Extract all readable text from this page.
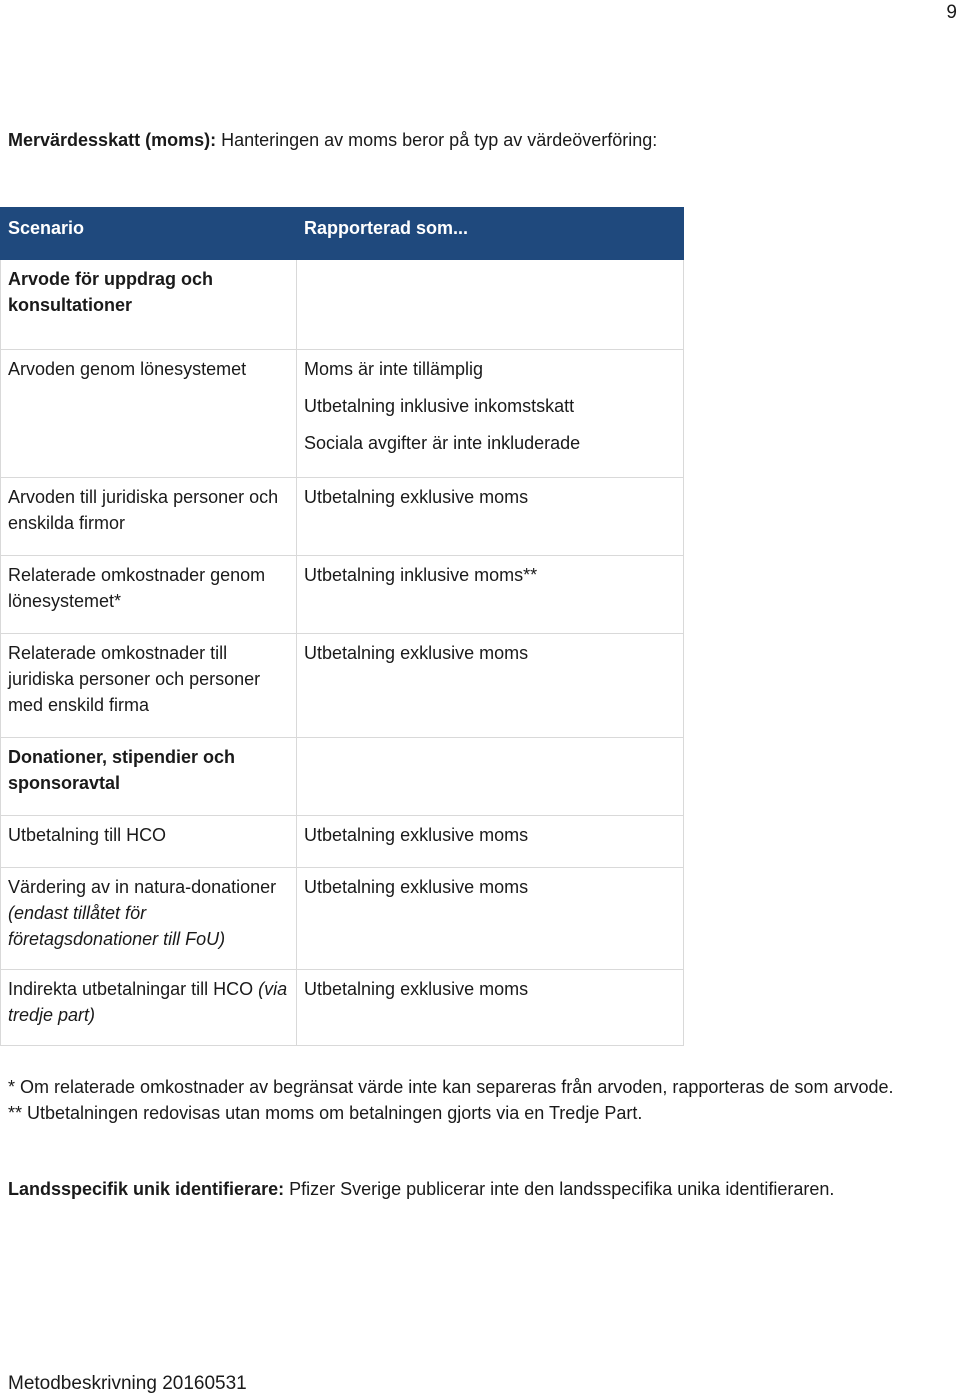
9
Mervärdesskatt (moms): Hanteringen av moms beror på typ av värdeöverföring:
Scenario	Rapporterad som...
Arvode för uppdrag och konsultationer	
Arvoden genom lönesystemet	Moms är inte tillämplig
Utbetalning inklusive inkomstskatt
Sociala avgifter är inte inkluderade

Arvoden till juridiska personer och enskilda firmor	Utbetalning exklusive moms

Relaterade omkostnader genom lönesystemet*	Utbetalning inklusive moms**

Relaterade omkostnader till juridiska personer och personer med enskild firma	Utbetalning exklusive moms

Donationer, stipendier och sponsoravtal	
Utbetalning till HCO	Utbetalning exklusive moms

Värdering av in natura-donationer (endast tillåtet för företagsdonationer till FoU)	Utbetalning exklusive moms

Indirekta utbetalningar till HCO (via tredje part)	Utbetalning exklusive moms
* Om relaterade omkostnader av begränsat värde inte kan separeras från arvoden, rapporteras de som arvode.
** Utbetalningen redovisas utan moms om betalningen gjorts via en Tredje Part.
Landsspecifik unik identifierare: Pfizer Sverige publicerar inte den landsspecifika unika identifieraren.
Metodbeskrivning 20160531
